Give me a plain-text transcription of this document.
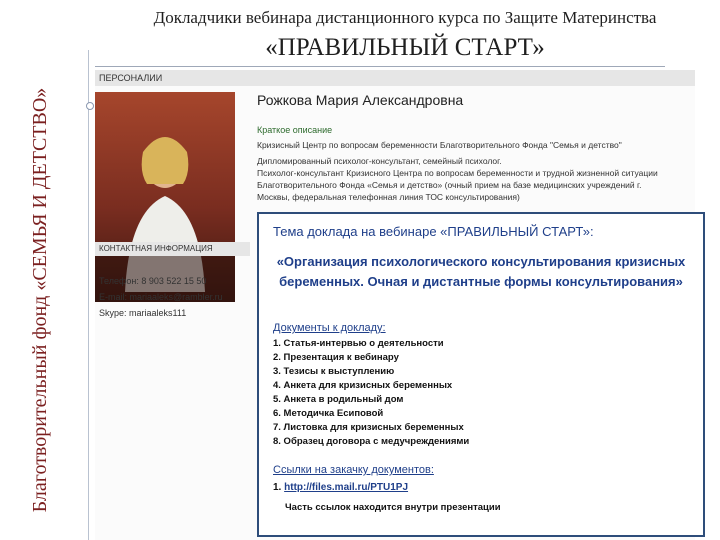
Докладчики вебинара дистанционного курса по Защите Материнства
«ПРАВИЛЬНЫЙ СТАРТ»
Благотворительный фонд «СЕМЬЯ И ДЕТСТВО»
ПЕРСОНАЛИИ
Рожкова Мария Александровна
Краткое описание
Кризисный Центр по вопросам беременности Благотворительного Фонда "Семья и детство"
Дипломированный психолог-консультант, семейный психолог.
Психолог-консультант Кризисного Центра по вопросам беременности и трудной жизненной ситуации
Благотворительного Фонда «Семья и детство» (очный прием на базе медицинских учреждений г.
Москвы, федеральная телефонная линия ТОС консультирования)
КОНТАКТНАЯ ИНФОРМАЦИЯ
Телефон: 8 903 522 15 50
E-mail: mariaaleks@rambler.ru
Skype: mariaaleks111
Тема доклада на вебинаре «ПРАВИЛЬНЫЙ СТАРТ»:
«Организация психологического консультирования кризисных беременных. Очная и дистантные формы консультирования»
Документы к докладу:
1. Статья-интервью о деятельности
2. Презентация к вебинару
3. Тезисы к выступлению
4. Анкета для кризисных беременных
5. Анкета в родильный дом
6. Методичка Есиповой
7. Листовка для кризисных беременных
8. Образец договора с медучреждениями
Ссылки на закачку документов:
1. http://files.mail.ru/PTU1PJ
Часть ссылок находится внутри презентации
